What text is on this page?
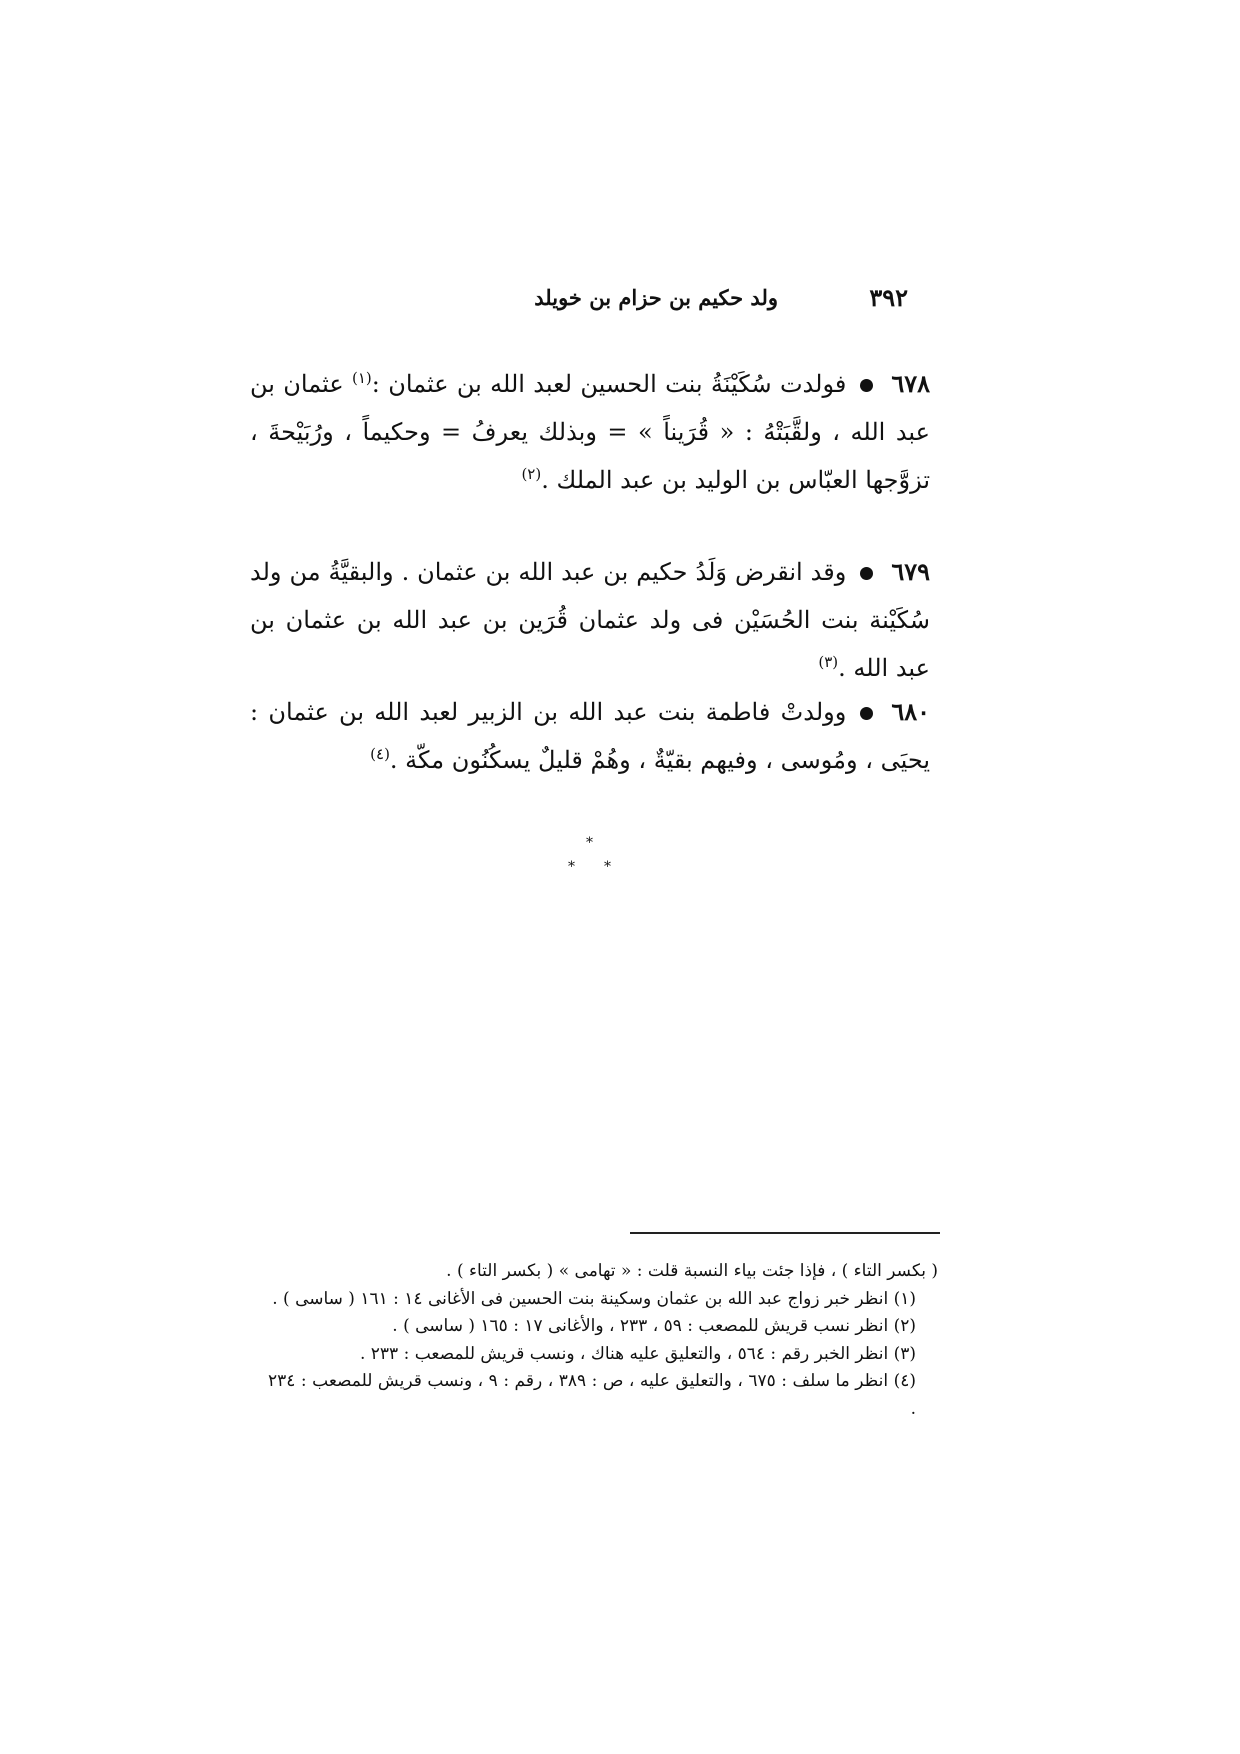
٣٩٢
ولد حكيم بن حزام بن خويلد

٦٧٨فولدت سُكَيْنَةُ بنت الحسين لعبد الله بن عثمان :$^{(١)}$ عثمان بن عبد الله ، ولقَّبَتْهُ : « قُرَيناً » = وبذلك يعرفُ = وحكيماً ، ورُبَيْحةَ ، تزوَّجها العبّاس بن الوليد بن عبد الملك .$^{(٢)}$

٦٧٩وقد انقرض وَلَدُ حكيم بن عبد الله بن عثمان . والبقيَّةُ من ولد سُكَيْنة بنت الحُسَيْن فى ولد عثمان قُرَين بن عبد الله بن عثمان بن عبد الله .$^{(٣)}$

٦٨٠وولدتْ فاطمة بنت عبد الله بن الزبير لعبد الله بن عثمان : يحيَى ، ومُوسى ، وفيهم بقيّةٌ ، وهُمْ قليلٌ يسكُنُون مكّة .$^{(٤)}$

*
* *

( بكسر التاء ) ، فإذا جئت بياء النسبة قلت : « تهامى » ( بكسر التاء ) .

(١) انظر خبر زواج عبد الله بن عثمان وسكينة بنت الحسين فى الأغانى ١٤ : ١٦١ ( ساسى ) .

(٢) انظر نسب قريش للمصعب : ٥٩ ، ٢٣٣ ، والأغانى ١٧ : ١٦٥ ( ساسى ) .

(٣) انظر الخبر رقم : ٥٦٤ ، والتعليق عليه هناك ، ونسب قريش للمصعب : ٢٣٣ .

(٤) انظر ما سلف : ٦٧٥ ، والتعليق عليه ، ص : ٣٨٩ ، رقم : ٩ ، ونسب قريش للمصعب : ٢٣٤ .
